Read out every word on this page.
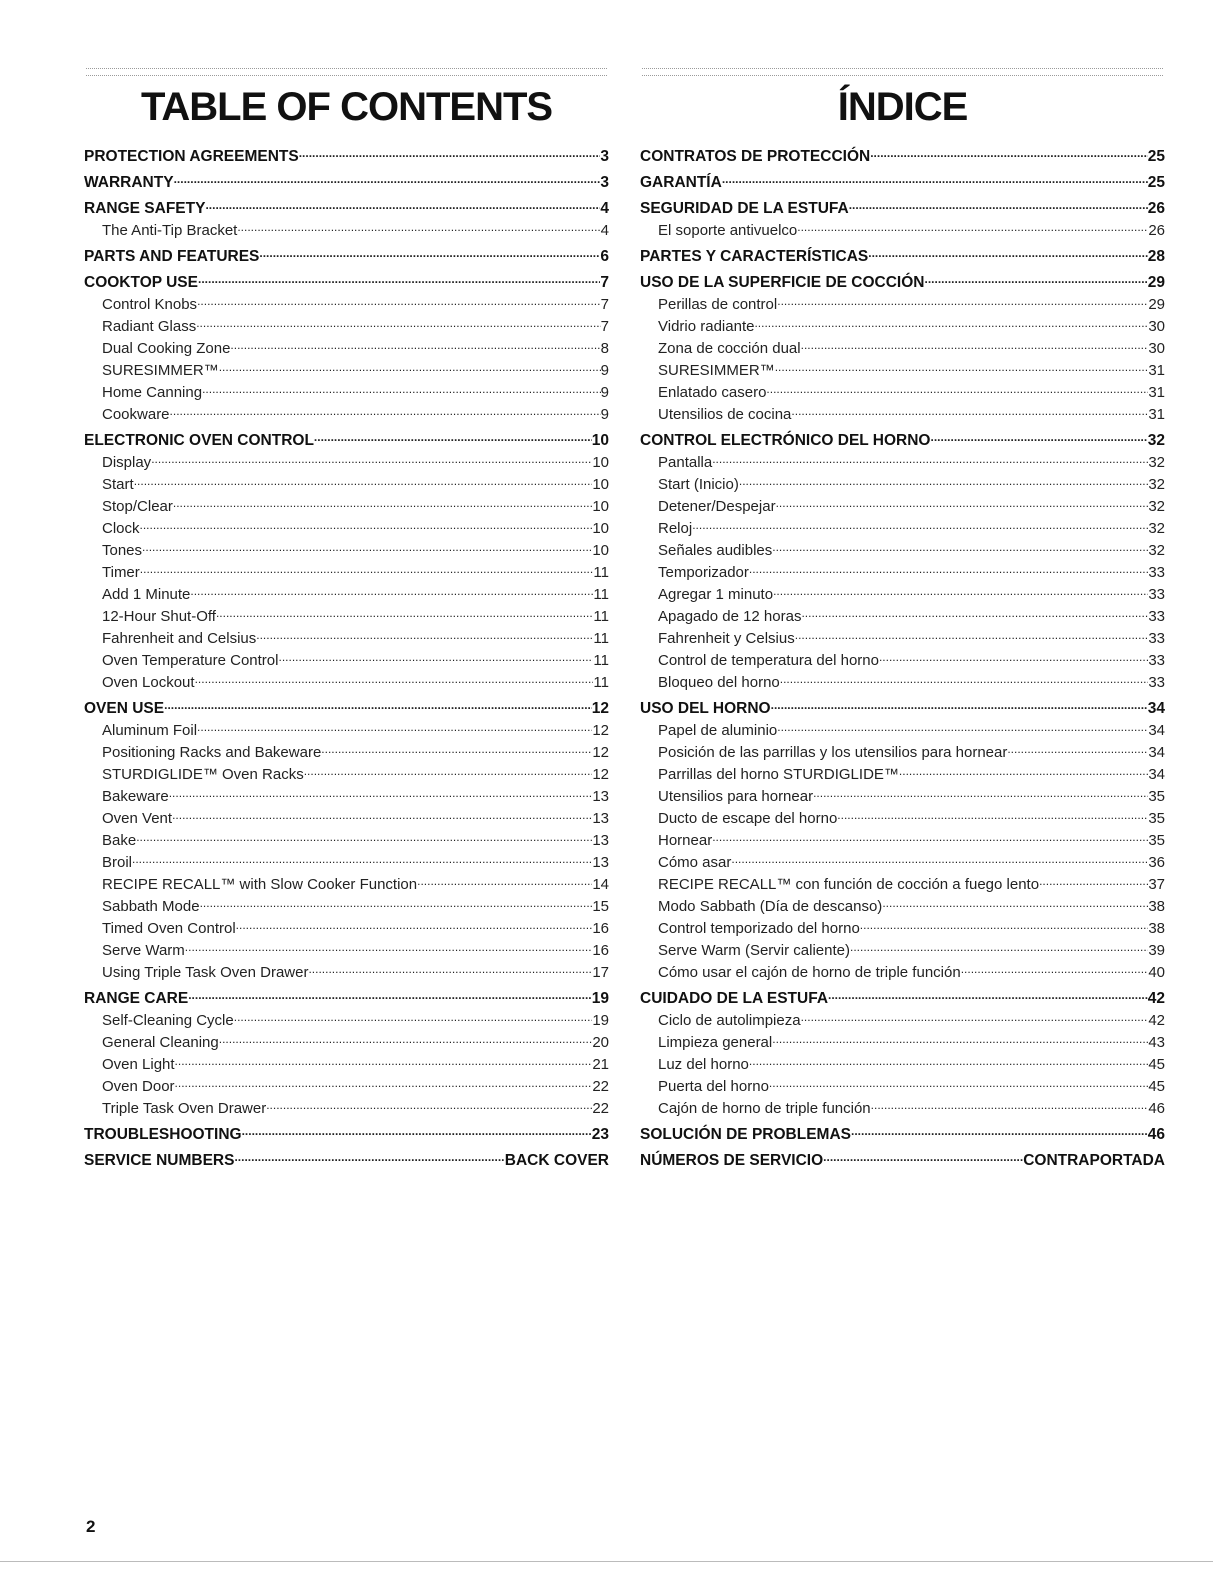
TABLE OF CONTENTS
PROTECTION AGREEMENTS .....	3
WARRANTY .....	3
RANGE SAFETY .....	4
The Anti-Tip Bracket .....	4
PARTS AND FEATURES .....	6
COOKTOP USE .....	7
Control Knobs .....	7
Radiant Glass .....	7
Dual Cooking Zone .....	8
SURESIMMER™ .....	9
Home Canning .....	9
Cookware .....	9
ELECTRONIC OVEN CONTROL .....	10
Display .....	10
Start .....	10
Stop/Clear .....	10
Clock .....	10
Tones .....	10
Timer .....	11
Add 1 Minute .....	11
12-Hour Shut-Off .....	11
Fahrenheit and Celsius .....	11
Oven Temperature Control .....	11
Oven Lockout .....	11
OVEN USE .....	12
Aluminum Foil .....	12
Positioning Racks and Bakeware .....	12
STURDIGLIDE™ Oven Racks .....	12
Bakeware .....	13
Oven Vent .....	13
Bake .....	13
Broil .....	13
RECIPE RECALL™ with Slow Cooker Function .....	14
Sabbath Mode .....	15
Timed Oven Control .....	16
Serve Warm .....	16
Using Triple Task Oven Drawer .....	17
RANGE CARE .....	19
Self-Cleaning Cycle .....	19
General Cleaning .....	20
Oven Light .....	21
Oven Door .....	22
Triple Task Oven Drawer .....	22
TROUBLESHOOTING .....	23
SERVICE NUMBERS .....	BACK COVER
ÍNDICE
CONTRATOS DE PROTECCIÓN .....	25
GARANTÍA .....	25
SEGURIDAD DE LA ESTUFA .....	26
El soporte antivuelco .....	26
PARTES Y CARACTERÍSTICAS .....	28
USO DE LA SUPERFICIE DE COCCIÓN .....	29
Perillas de control .....	29
Vidrio radiante .....	30
Zona de cocción dual .....	30
SURESIMMER™ .....	31
Enlatado casero .....	31
Utensilios de cocina .....	31
CONTROL ELECTRÓNICO DEL HORNO .....	32
Pantalla .....	32
Start (Inicio) .....	32
Detener/Despejar .....	32
Reloj .....	32
Señales audibles .....	32
Temporizador .....	33
Agregar 1 minuto .....	33
Apagado de 12 horas .....	33
Fahrenheit y Celsius .....	33
Control de temperatura del horno .....	33
Bloqueo del horno .....	33
USO DEL HORNO .....	34
Papel de aluminio .....	34
Posición de las parrillas y los utensilios para hornear .....	34
Parrillas del horno STURDIGLIDE™ .....	34
Utensilios para hornear .....	35
Ducto de escape del horno .....	35
Hornear .....	35
Cómo asar .....	36
RECIPE RECALL™ con función de cocción a fuego lento .....	37
Modo Sabbath (Día de descanso) .....	38
Control temporizado del horno .....	38
Serve Warm (Servir caliente) .....	39
Cómo usar el cajón de horno de triple función .....	40
CUIDADO DE LA ESTUFA .....	42
Ciclo de autolimpieza .....	42
Limpieza general .....	43
Luz del horno .....	45
Puerta del horno .....	45
Cajón de horno de triple función .....	46
SOLUCIÓN DE PROBLEMAS .....	46
NÚMEROS DE SERVICIO .....	CONTRAPORTADA
2
